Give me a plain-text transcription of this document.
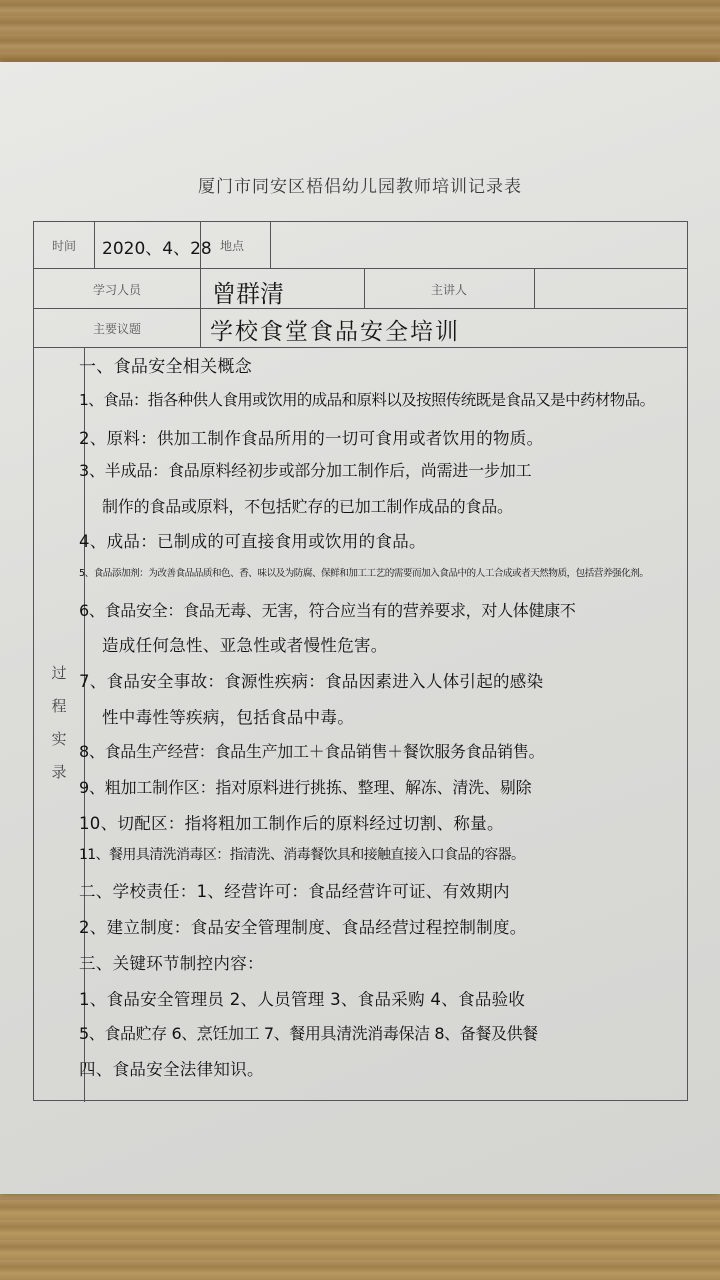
厦门市同安区梧侣幼儿园教师培训记录表
时间	2020、4、28 地点
学习人员	曾群清	主讲人
主要议题	学校食堂食品安全培训
过
程
实
录
一、食品安全相关概念
1、食品：指各种供人食用或饮用的成品和原料以及按照传统既是食品又是中药材物品。
2、原料：供加工制作食品所用的一切可食用或者饮用的物质。
3、半成品：食品原料经初步或部分加工制作后，尚需进一步加工
制作的食品或原料，不包括贮存的已加工制作成品的食品。
4、成品：已制成的可直接食用或饮用的食品。
5、食品添加剂：为改善食品品质和色、香、味以及为防腐、保鲜和加工工艺的需要而加入食品中的人工合成或者天然物质，包括营养强化剂。
6、食品安全：食品无毒、无害，符合应当有的营养要求，对人体健康不
造成任何急性、亚急性或者慢性危害。
7、食品安全事故：食源性疾病：食品因素进入人体引起的感染
性中毒性等疾病，包括食品中毒。
8、食品生产经营：食品生产加工＋食品销售＋餐饮服务食品销售。
9、粗加工制作区：指对原料进行挑拣、整理、解冻、清洗、剔除
10、切配区：指将粗加工制作后的原料经过切割、称量。
11、餐用具清洗消毒区：指清洗、消毒餐饮具和接触直接入口食品的容器。
二、学校责任：1、经营许可：食品经营许可证、有效期内
2、建立制度：食品安全管理制度、食品经营过程控制制度。
三、关键环节制控内容：
1、食品安全管理员 2、人员管理 3、食品采购 4、食品验收
5、食品贮存 6、烹饪加工 7、餐用具清洗消毒保洁 8、备餐及供餐
四、食品安全法律知识。
